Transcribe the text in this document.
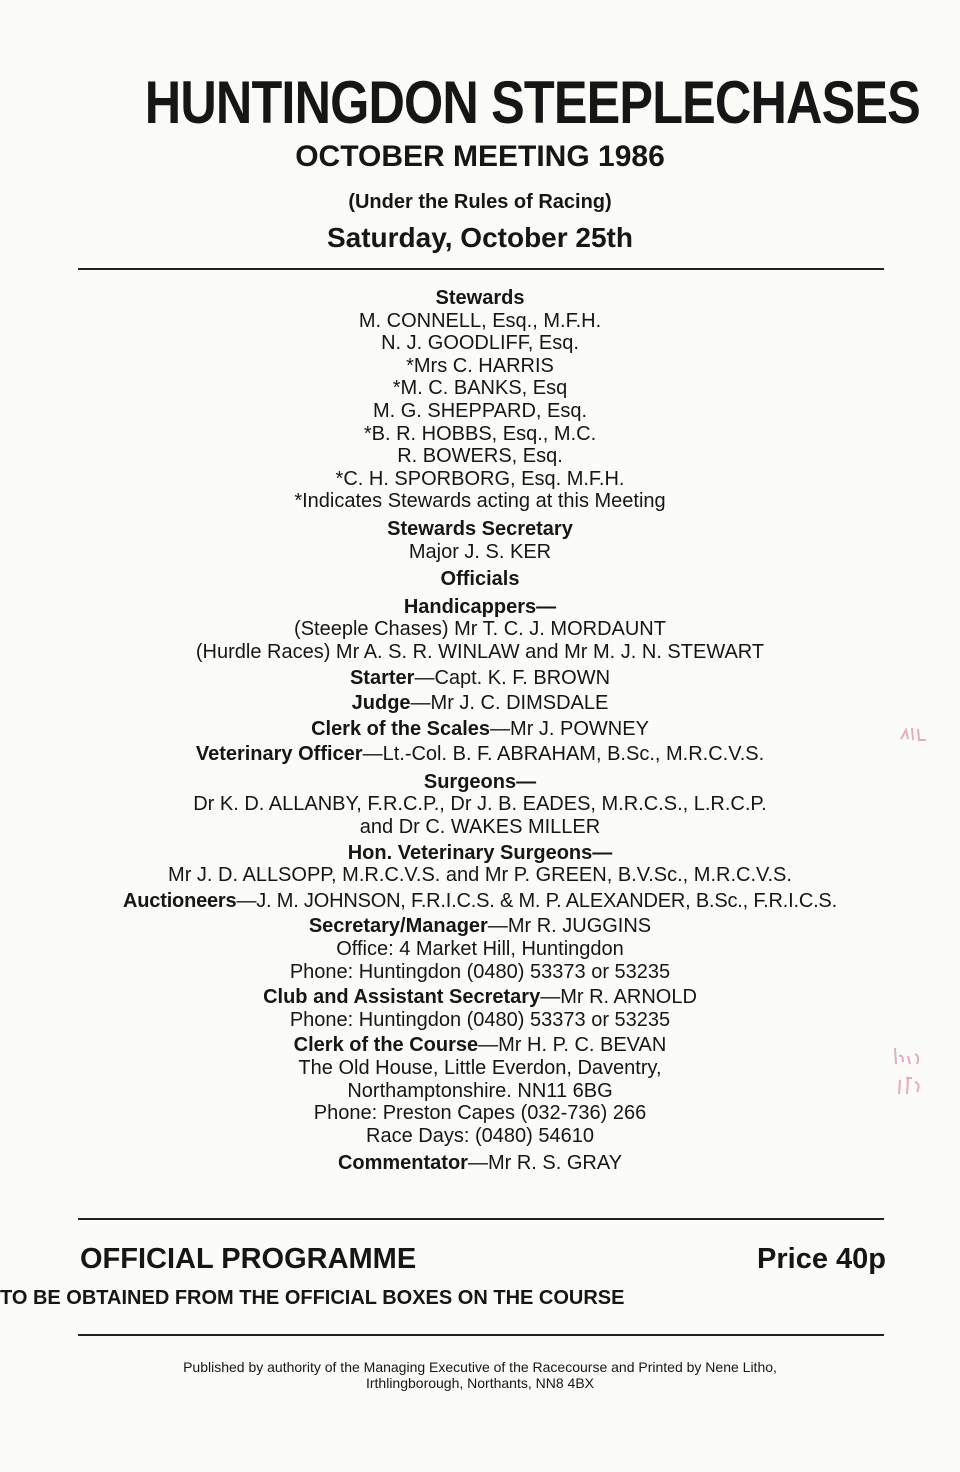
HUNTINGDON STEEPLECHASES
OCTOBER MEETING 1986
(Under the Rules of Racing)
Saturday, October 25th
Stewards
M. CONNELL, Esq., M.F.H.
N. J. GOODLIFF, Esq.
*Mrs C. HARRIS
*M. C. BANKS, Esq
M. G. SHEPPARD, Esq.
*B. R. HOBBS, Esq., M.C.
R. BOWERS, Esq.
*C. H. SPORBORG, Esq. M.F.H.
*Indicates Stewards acting at this Meeting
Stewards Secretary
Major J. S. KER
Officials
Handicappers—
(Steeple Chases) Mr T. C. J. MORDAUNT
(Hurdle Races) Mr A. S. R. WINLAW and Mr M. J. N. STEWART
Starter—Capt. K. F. BROWN
Judge—Mr J. C. DIMSDALE
Clerk of the Scales—Mr J. POWNEY
Veterinary Officer—Lt.-Col. B. F. ABRAHAM, B.Sc., M.R.C.V.S.
Surgeons—
Dr K. D. ALLANBY, F.R.C.P., Dr J. B. EADES, M.R.C.S., L.R.C.P.
and Dr C. WAKES MILLER
Hon. Veterinary Surgeons—
Mr J. D. ALLSOPP, M.R.C.V.S. and Mr P. GREEN, B.V.Sc., M.R.C.V.S.
Auctioneers—J. M. JOHNSON, F.R.I.C.S. & M. P. ALEXANDER, B.Sc., F.R.I.C.S.
Secretary/Manager—Mr R. JUGGINS
Office: 4 Market Hill, Huntingdon
Phone: Huntingdon (0480) 53373 or 53235
Club and Assistant Secretary—Mr R. ARNOLD
Phone: Huntingdon (0480) 53373 or 53235
Clerk of the Course—Mr H. P. C. BEVAN
The Old House, Little Everdon, Daventry,
Northamptonshire. NN11 6BG
Phone: Preston Capes (032-736) 266
Race Days: (0480) 54610
Commentator—Mr R. S. GRAY
OFFICIAL PROGRAMME	Price 40p
TO BE OBTAINED FROM THE OFFICIAL BOXES ON THE COURSE
Published by authority of the Managing Executive of the Racecourse and Printed by Nene Litho,
Irthlingborough, Northants, NN8 4BX
